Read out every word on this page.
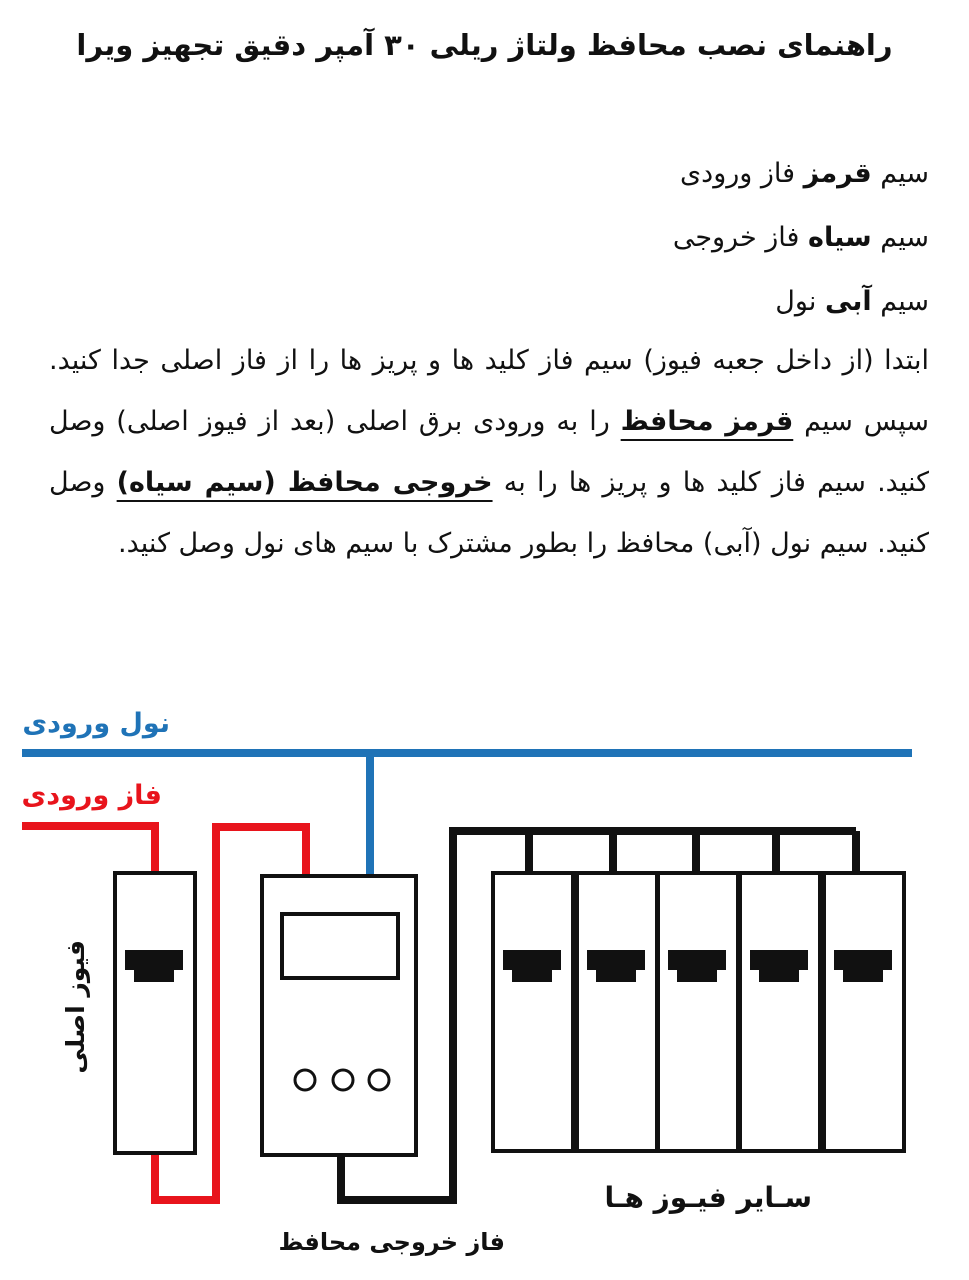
راهنمای نصب محافظ ولتاژ ریلی ۳۰ آمپر دقیق تجهیز ویرا
سیم قرمز فاز ورودی
سیم سیاه فاز خروجی
سیم آبی نول

ابتدا (از داخل جعبه فیوز) سیم فاز کلید ها و پریز ها را از فاز اصلی جدا کنید. سپس سیم قرمز محافظ را به ورودی برق اصلی (بعد از فیوز اصلی) وصل کنید. سیم فاز کلید ها و پریز ها را به خروجی محافظ (سیم سیاه) وصل کنید. سیم نول (آبی) محافظ را بطور مشترک با سیم های نول وصل کنید.

نول ورودی
فاز ورودی
فیوز اصلی
سـایر فیـوز هـا
فاز خروجی محافظ
